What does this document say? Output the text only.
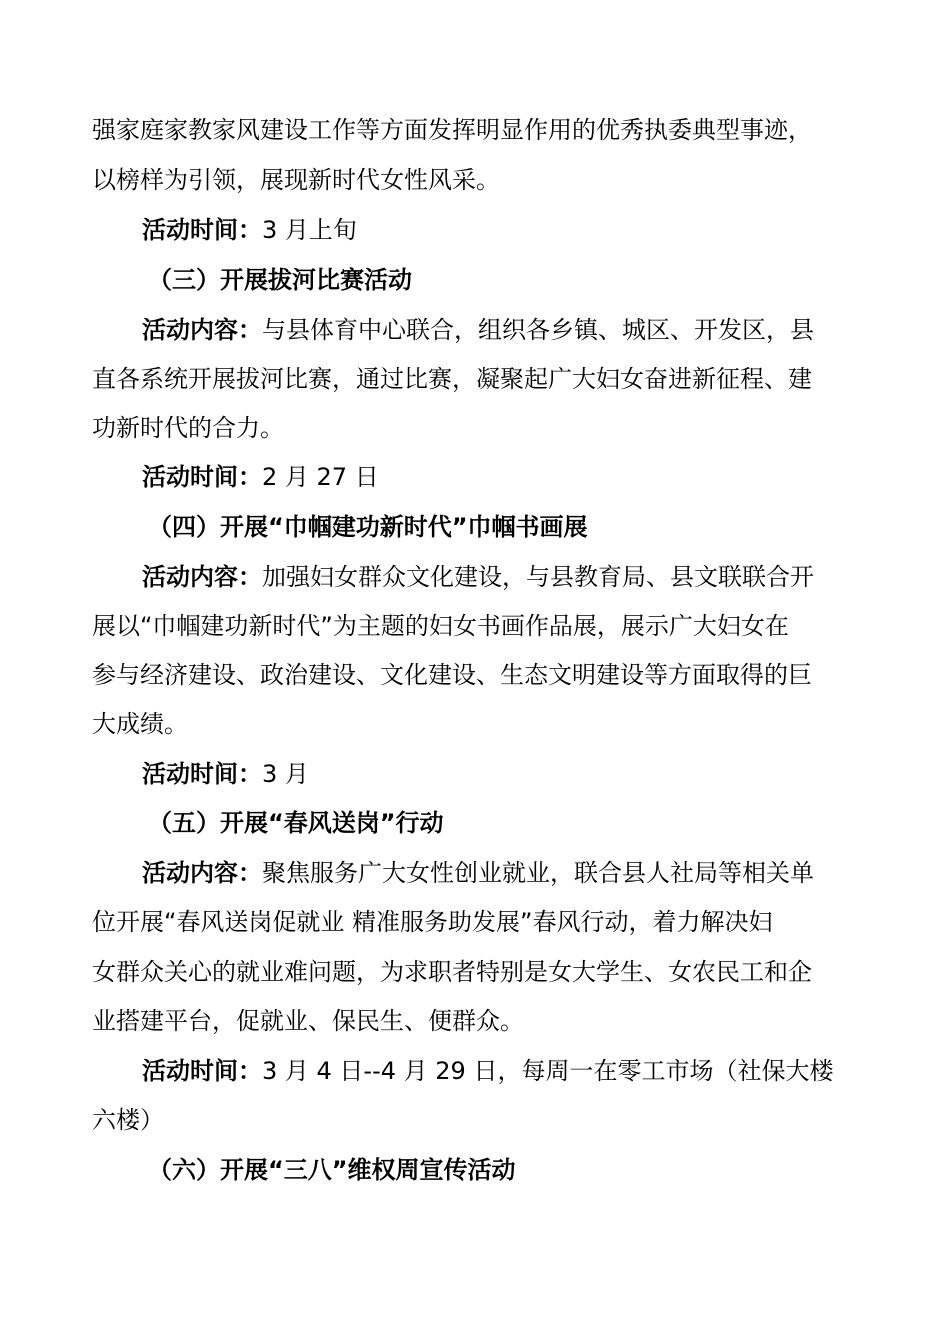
强家庭家教家风建设工作等方面发挥明显作用的优秀执委典型事迹，
以榜样为引领，展现新时代女性风采。
活动时间：3 月上旬
（三）开展拔河比赛活动
活动内容：与县体育中心联合，组织各乡镇、城区、开发区，县
直各系统开展拔河比赛，通过比赛，凝聚起广大妇女奋进新征程、建
功新时代的合力。
活动时间：2 月 27 日
（四）开展“巾帼建功新时代”巾帼书画展
活动内容：加强妇女群众文化建设，与县教育局、县文联联合开
展以“巾帼建功新时代”为主题的妇女书画作品展，展示广大妇女在
参与经济建设、政治建设、文化建设、生态文明建设等方面取得的巨
大成绩。
活动时间：3 月
（五）开展“春风送岗”行动
活动内容：聚焦服务广大女性创业就业，联合县人社局等相关单
位开展“春风送岗促就业 精准服务助发展”春风行动，着力解决妇
女群众关心的就业难问题，为求职者特别是女大学生、女农民工和企
业搭建平台，促就业、保民生、便群众。
活动时间：3 月 4 日--4 月 29 日，每周一在零工市场（社保大楼
六楼）
（六）开展“三八”维权周宣传活动
